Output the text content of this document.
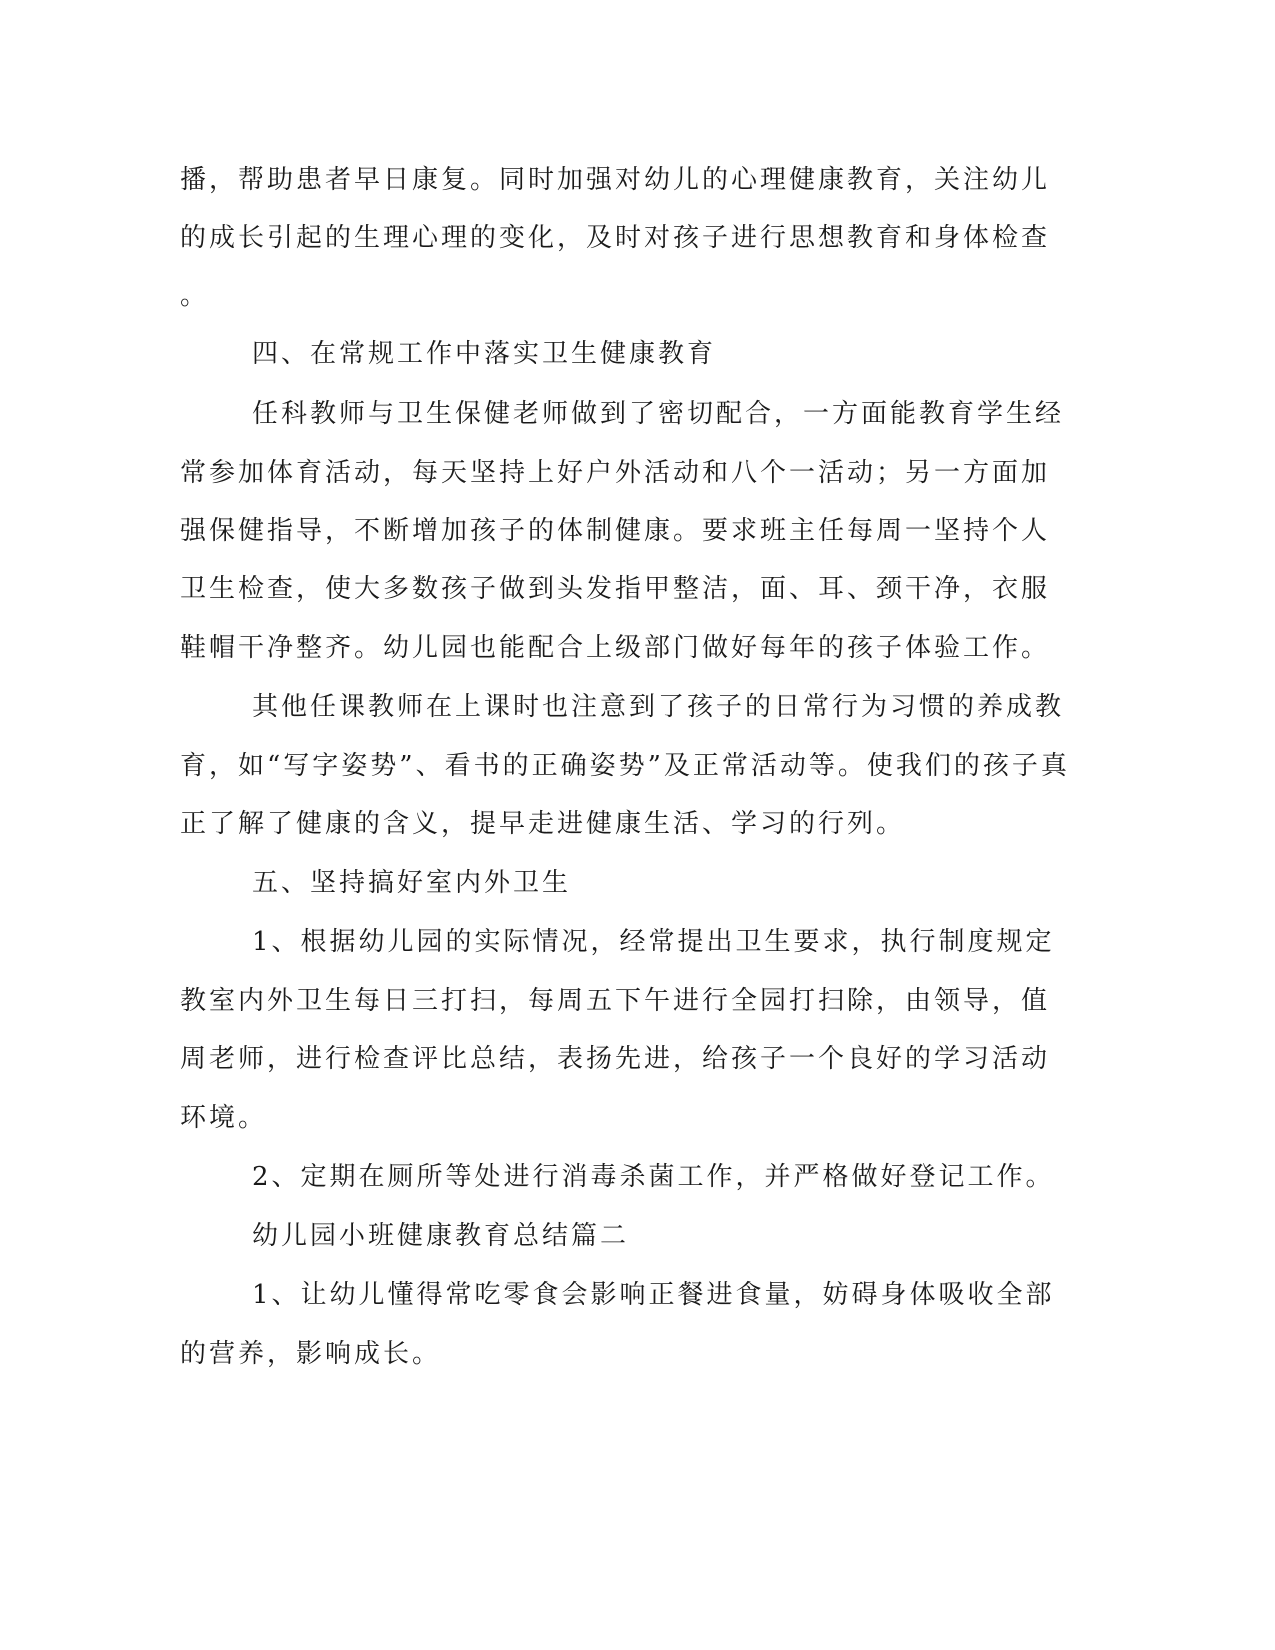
播，帮助患者早日康复。同时加强对幼儿的心理健康教育，关注幼儿

的成长引起的生理心理的变化，及时对孩子进行思想教育和身体检查

。

四、在常规工作中落实卫生健康教育

任科教师与卫生保健老师做到了密切配合，一方面能教育学生经

常参加体育活动，每天坚持上好户外活动和八个一活动；另一方面加

强保健指导，不断增加孩子的体制健康。要求班主任每周一坚持个人

卫生检查，使大多数孩子做到头发指甲整洁，面、耳、颈干净，衣服

鞋帽干净整齐。幼儿园也能配合上级部门做好每年的孩子体验工作。

其他任课教师在上课时也注意到了孩子的日常行为习惯的养成教

育，如“写字姿势”、看书的正确姿势”及正常活动等。使我们的孩子真

正了解了健康的含义，提早走进健康生活、学习的行列。

五、坚持搞好室内外卫生

1、根据幼儿园的实际情况，经常提出卫生要求，执行制度规定

教室内外卫生每日三打扫，每周五下午进行全园打扫除，由领导，值

周老师，进行检查评比总结，表扬先进，给孩子一个良好的学习活动

环境。

2、定期在厕所等处进行消毒杀菌工作，并严格做好登记工作。

幼儿园小班健康教育总结篇二

1、让幼儿懂得常吃零食会影响正餐进食量，妨碍身体吸收全部

的营养，影响成长。
